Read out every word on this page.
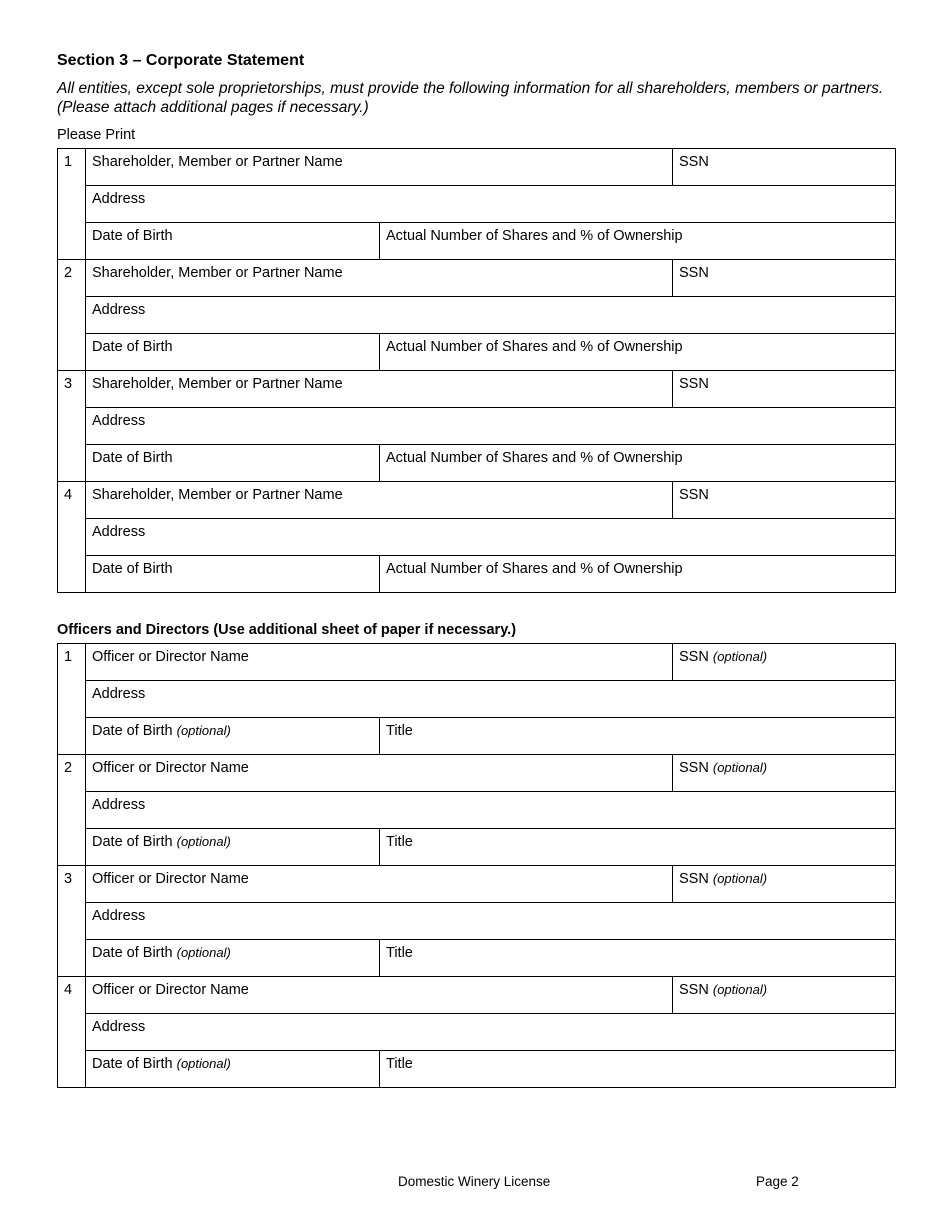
Section 3 – Corporate Statement
All entities, except sole proprietorships, must provide the following information for all shareholders, members or partners. (Please attach additional pages if necessary.)
Please Print
1	Shareholder, Member or Partner Name		SSN
	Address		
	Date of Birth	Actual Number of Shares and % of Ownership	
2	Shareholder, Member or Partner Name		SSN
	Address		
	Date of Birth	Actual Number of Shares and % of Ownership	
3	Shareholder, Member or Partner Name		SSN
	Address		
	Date of Birth	Actual Number of Shares and % of Ownership	
4	Shareholder, Member or Partner Name		SSN
	Address		
	Date of Birth	Actual Number of Shares and % of Ownership	
Officers and Directors (Use additional sheet of paper if necessary.)
1	Officer or Director Name		SSN (optional)
	Address		
	Date of Birth (optional)	Title	
2	Officer or Director Name		SSN (optional)
	Address		
	Date of Birth (optional)	Title	
3	Officer or Director Name		SSN (optional)
	Address		
	Date of Birth (optional)	Title	
4	Officer or Director Name		SSN (optional)
	Address		
	Date of Birth (optional)	Title	
Domestic Winery License	Page 2
